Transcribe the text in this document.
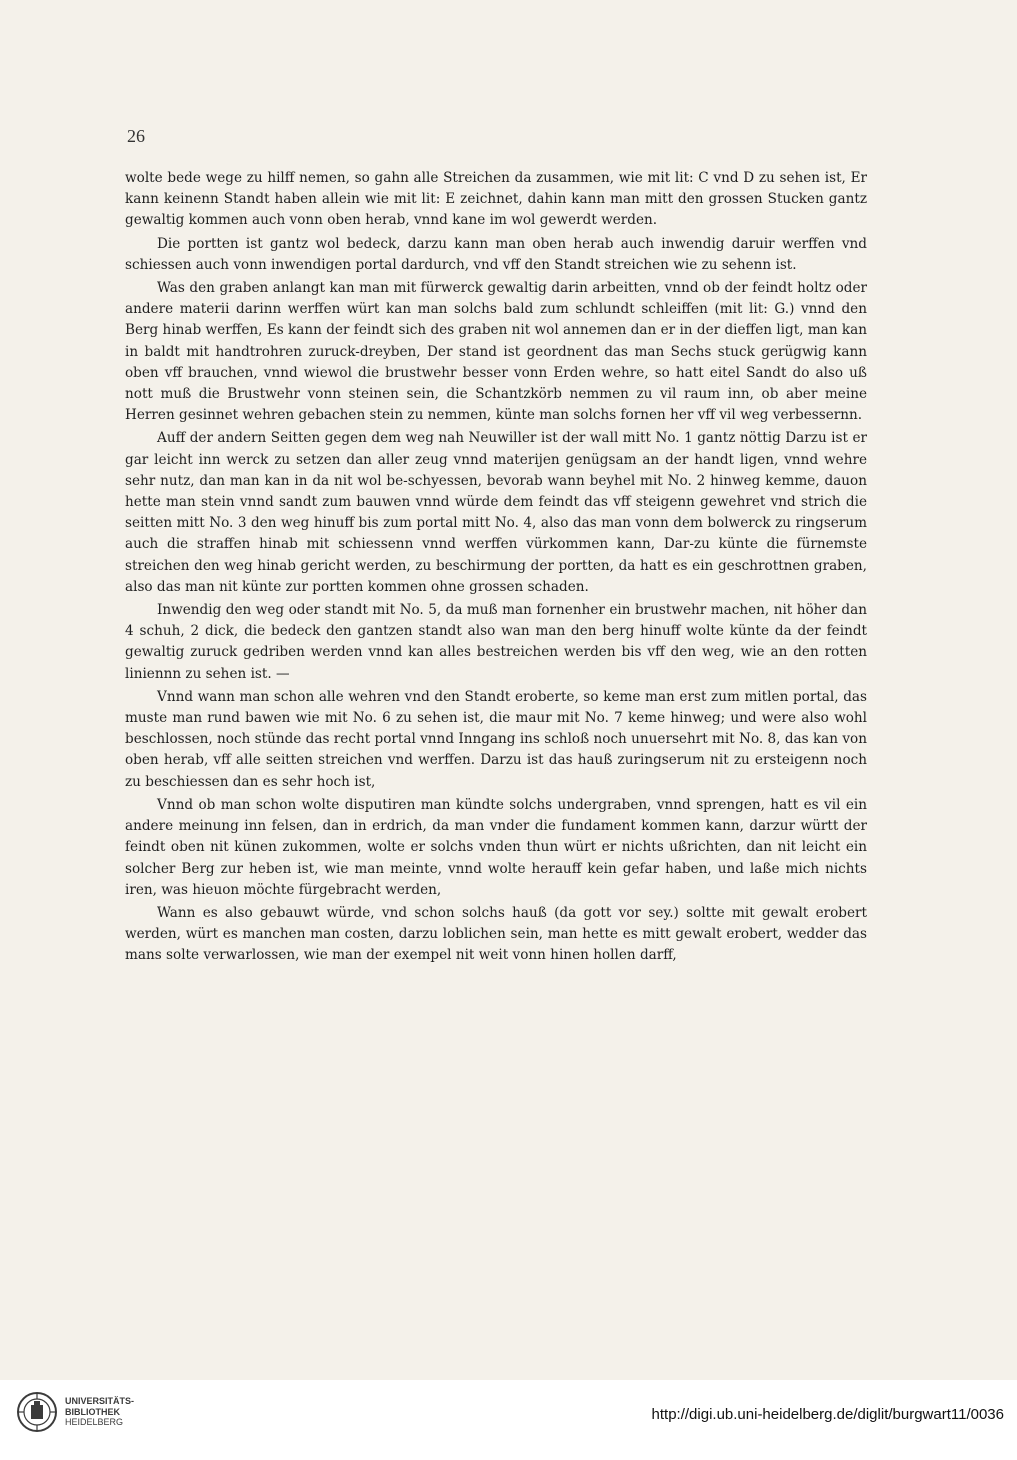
26

wolte bede wege zu hilff nemen, so gahn alle Streichen da zusammen, wie mit lit: C vnd D zu sehen ist, Er kann keinenn Standt haben allein wie mit lit: E zeichnet, dahin kann man mitt den grossen Stucken gantz gewaltig kommen auch vonn oben herab, vnnd kane im wol gewerdt werden.

Die portten ist gantz wol bedeck, darzu kann man oben herab auch inwendig daruir werffen vnd schiessen auch vonn inwendigen portal dardurch, vnd vff den Standt streichen wie zu sehenn ist.

Was den graben anlangt kan man mit fürwerck gewaltig darin arbeitten, vnnd ob der feindt holtz oder andere materii darinn werffen würt kan man solchs bald zum schlundt schleiffen (mit lit: G.) vnnd den Berg hinab werffen, Es kann der feindt sich des graben nit wol annemen dan er in der dieffen ligt, man kan in baldt mit handtrohren zuruck-dreyben, Der stand ist geordnent das man Sechs stuck gerügwig kann oben vff brauchen, vnnd wiewol die brustwehr besser vonn Erden wehre, so hatt eitel Sandt do also uß nott muß die Brustwehr vonn steinen sein, die Schantzkörb nemmen zu vil raum inn, ob aber meine Herren gesinnet wehren gebachen stein zu nemmen, künte man solchs fornen her vff vil weg verbessernn.

Auff der andern Seitten gegen dem weg nah Neuwiller ist der wall mitt No. 1 gantz nöttig Darzu ist er gar leicht inn werck zu setzen dan aller zeug vnnd materijen genügsam an der handt ligen, vnnd wehre sehr nutz, dan man kan in da nit wol be-schyessen, bevorab wann beyhel mit No. 2 hinweg kemme, dauon hette man stein vnnd sandt zum bauwen vnnd würde dem feindt das vff steigenn gewehret vnd strich die seitten mitt No. 3 den weg hinuff bis zum portal mitt No. 4, also das man vonn dem bolwerck zu ringserum auch die straffen hinab mit schiessenn vnnd werffen vürkommen kann, Dar-zu künte die fürnemste streichen den weg hinab gericht werden, zu beschirmung der portten, da hatt es ein geschrottnen graben, also das man nit künte zur portten kommen ohne grossen schaden.

Inwendig den weg oder standt mit No. 5, da muß man fornenher ein brustwehr machen, nit höher dan 4 schuh, 2 dick, die bedeck den gantzen standt also wan man den berg hinuff wolte künte da der feindt gewaltig zuruck gedriben werden vnnd kan alles bestreichen werden bis vff den weg, wie an den rotten liniennn zu sehen ist. —

Vnnd wann man schon alle wehren vnd den Standt eroberte, so keme man erst zum mitlen portal, das muste man rund bawen wie mit No. 6 zu sehen ist, die maur mit No. 7 keme hinweg; und were also wohl beschlossen, noch stünde das recht portal vnnd Inngang ins schloß noch unuersehrt mit No. 8, das kan von oben herab, vff alle seitten streichen vnd werffen. Darzu ist das hauß zuringserum nit zu ersteigenn noch zu beschiessen dan es sehr hoch ist,

Vnnd ob man schon wolte disputiren man kündte solchs undergraben, vnnd sprengen, hatt es vil ein andere meinung inn felsen, dan in erdrich, da man vnder die fundament kommen kann, darzur württ der feindt oben nit künen zukommen, wolte er solchs vnden thun würt er nichts ußrichten, dan nit leicht ein solcher Berg zur heben ist, wie man meinte, vnnd wolte herauff kein gefar haben, und laße mich nichts iren, was hieuon möchte fürgebracht werden,

Wann es also gebauwt würde, vnd schon solchs hauß (da gott vor sey.) soltte mit gewalt erobert werden, würt es manchen man costen, darzu loblichen sein, man hette es mitt gewalt erobert, wedder das mans solte verwarlossen, wie man der exempel nit weit vonn hinen hollen darff,

UNIVERSITÄTS-
BIBLIOTHEK
HEIDELBERG	http://digi.ub.uni-heidelberg.de/diglit/burgwart11/0036
